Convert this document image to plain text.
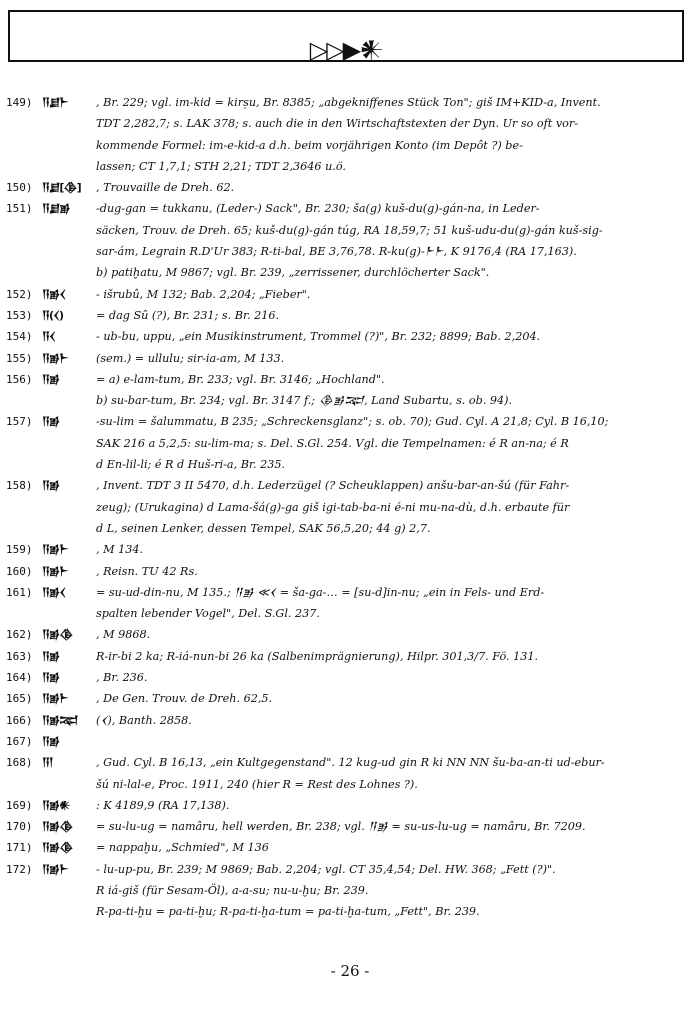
▷▷▶𒀭
149) 𒀀𒋗𒈨	, Br. 229; vgl. im-kid = kirṣu, Br. 8385; „abgekniffenes Stück Ton"; giš IM+KID-a, Invent.
TDT 2,282,7; s. LAK 378; s. auch die in den Wirtschaftstexten der Dyn. Ur so oft vor-
kommende Formel: im-e-kid-a d.h. beim vorjährigen Konto (im Depôt ?) be-
lassen; CT 1,7,1; STH 2,21; TDT 2,3646 u.ö.
150) 𒀀𒋗[𒆠]	, Trouvaille de Dreh. 62.
151) 𒀀𒋗𒂊	-dug-gan = tukkanu, (Leder-) Sack", Br. 230; ša(g) kuš-du(g)-gán-na, in Leder-
säcken, Trouv. de Dreh. 65; kuš-du(g)-gán túg, RA 18,59,7; 51 kuš-udu-du(g)-gán kuš-sig-
sar-ám, Legrain R.D'Ur 383; R-ti-bal, BE 3,76,78. R-ku(g)-𒈨𒈨, K 9176,4 (RA 17,163).
b) patiḫatu, M 9867; vgl. Br. 239, „zerrissener, durchlöcherter Sack".
152) 𒀀𒂊𒌋	- išrubû, M 132; Bab. 2,204; „Fieber".
153) 𒀀(𒌋)	= dag Sû (?), Br. 231; s. Br. 216.
154) 𒀀𒌋	- ub-bu, uppu, „ein Musikinstrument, Trommel (?)", Br. 232; 8899; Bab. 2,204.
155) 𒀀𒂊𒈨	(sem.) = ullulu; sir-ia-am, M 133.
156) 𒀀𒂊	= a) e-lam-tum, Br. 233; vgl. Br. 3146; „Hochland".
b) su-bar-tum, Br. 234; vgl. Br. 3147 f.; 𒆠𒂊𒉈, Land Subartu, s. ob. 94).
157) 𒀀𒂊	-su-lim = šalummatu, B 235; „Schreckensglanz"; s. ob. 70); Gud. Cyl. A 21,8; Cyl. B 16,10;
SAK 216 a 5,2,5: su-lim-ma; s. Del. S.Gl. 254. Vgl. die Tempelnamen: é R an-na; é R
d En-lil-li; é R d Huš-ri-a, Br. 235.
158) 𒀀𒂊	, Invent. TDT 3 II 5470, d.h. Lederzügel (? Scheuklappen) anšu-bar-an-šú (für Fahr-
zeug); (Urukagina) d Lama-šá(g)-ga giš igi-tab-ba-ni é-ni mu-na-dù, d.h. erbaute für
d L, seinen Lenker, dessen Tempel, SAK 56,5,20; 44 g) 2,7.
159) 𒀀𒂊𒈨	, M 134.
160) 𒀀𒂊𒈨	, Reisn. TU 42 Rs.
161) 𒀀𒂊𒌋	= su-ud-din-nu, M 135.; 𒀀𒂊 ≪𒌋 = ša-ga-… = [su-d]in-nu; „ein in Fels- und Erd-
spalten lebender Vogel", Del. S.Gl. 237.
162) 𒀀𒂊𒆠	, M 9868.
163) 𒀀𒂊	R-ir-bi 2 ka; R-iá-nun-bi 26 ka (Salbenimprägnierung), Hilpr. 301,3/7. Fö. 131.
164) 𒀀𒂊	, Br. 236.
165) 𒀀𒂊𒈨	, De Gen. Trouv. de Dreh. 62,5.
166) 𒀀𒂊𒉈	(𒌋), Banth. 2858.
167) 𒀀𒂊

168) 𒀀𒁹	, Gud. Cyl. B 16,13, „ein Kultgegenstand". 12 kug-ud gin R ki NN NN šu-ba-an-ti ud-ebur-
šú ni-lal-e, Proc. 1911, 240 (hier R = Rest des Lohnes ?).
169) 𒀀𒂊𒀭	: K 4189,9 (RA 17,138).
170) 𒀀𒂊𒆠	= su-lu-ug = namâru, hell werden, Br. 238; vgl. 𒀀𒂊 = su-us-lu-ug = namâru, Br. 7209.
171) 𒀀𒂊𒆠	= nappaḫu, „Schmied", M 136
172) 𒀀𒂊𒈨	- lu-up-pu, Br. 239; M 9869; Bab. 2,204; vgl. CT 35,4,54; Del. HW. 368; „Fett (?)".
R iá-giš (für Sesam-Öl), a-a-su; nu-u-ḫu; Br. 239.
R-pa-ti-ḫu = pa-ti-ḫu; R-pa-ti-ḫa-tum = pa-ti-ḫa-tum, „Fett", Br. 239.
- 26 -
